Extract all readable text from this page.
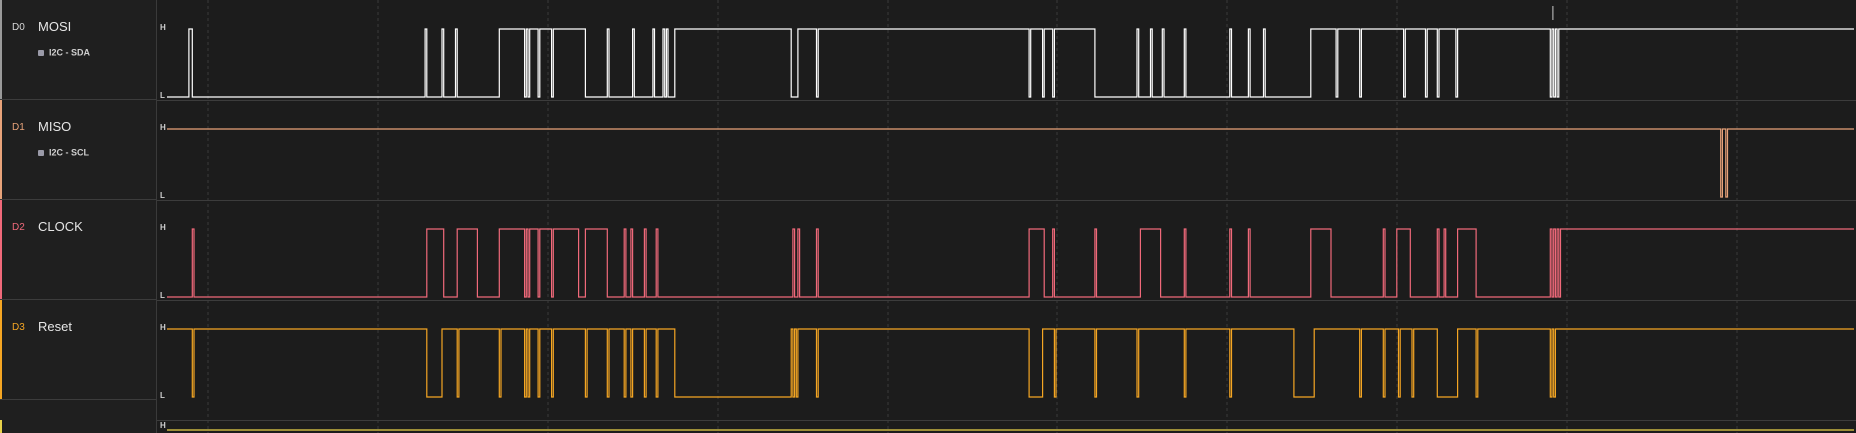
D0 MOSI
I2C - SDA
D1 MISO
I2C - SCL
D2 CLOCK
D3 Reset
H
L
H
L
H
L
H
L
H
